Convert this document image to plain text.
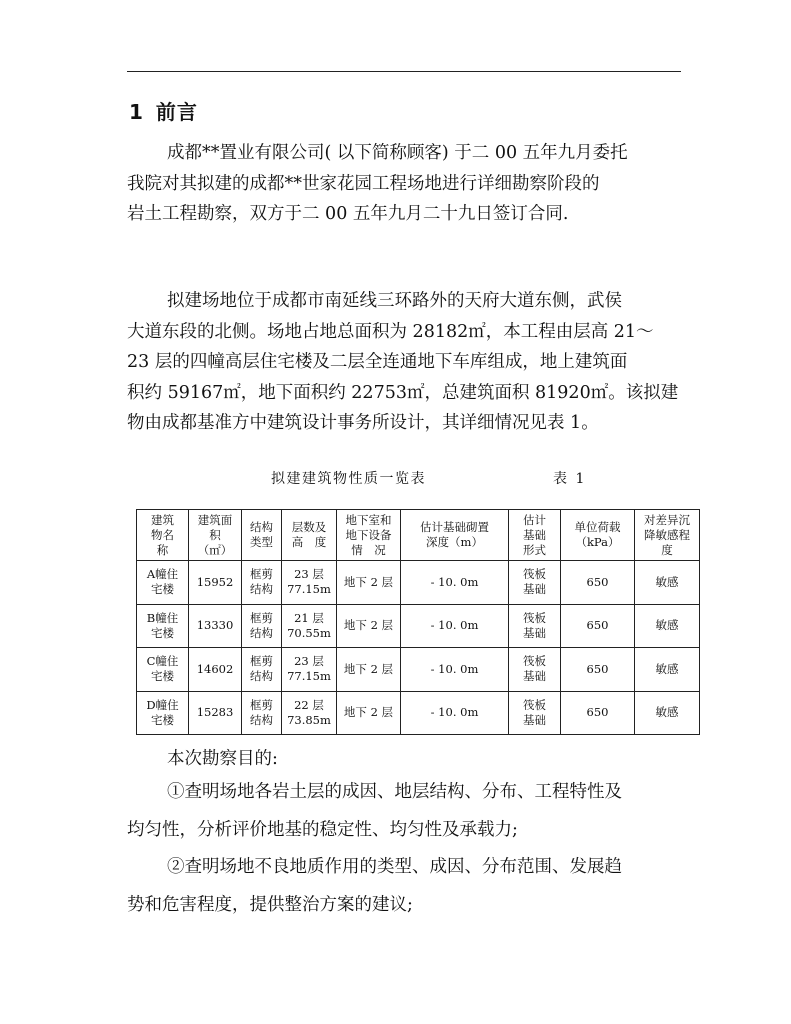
1 前言
成都**置业有限公司( 以下简称顾客) 于二 00 五年九月委托
我院对其拟建的成都**世家花园工程场地进行详细勘察阶段的
岩土工程勘察，双方于二 00 五年九月二十九日签订合同.
拟建场地位于成都市南延线三环路外的天府大道东侧，武侯
大道东段的北侧。场地占地总面积为 28182㎡，本工程由层高 21～
23 层的四幢高层住宅楼及二层全连通地下车库组成，地上建筑面
积约 59167㎡，地下面积约 22753㎡，总建筑面积 81920㎡。该拟建
物由成都基准方中建筑设计事务所设计，其详细情况见表 1。
拟建建筑物性质一览表	表 1
建筑
物名
称	建筑面
积
（㎡）	结构
类型	层数及
高　度	地下室和
地下设备
情　况	估计基础砌置
深度（m）	估计
基础
形式	单位荷载
（kPa）	对差异沉
降敏感程
度
A幢住
宅楼	15952	框剪
结构	23 层
77.15m	地下 2 层	- 10. 0m	筏板
基础	650	敏感
B幢住
宅楼	13330	框剪
结构	21 层
70.55m	地下 2 层	- 10. 0m	筏板
基础	650	敏感
C幢住
宅楼	14602	框剪
结构	23 层
77.15m	地下 2 层	- 10. 0m	筏板
基础	650	敏感
D幢住
宅楼	15283	框剪
结构	22 层
73.85m	地下 2 层	- 10. 0m	筏板
基础	650	敏感
本次勘察目的:
①查明场地各岩土层的成因、地层结构、分布、工程特性及
均匀性，分析评价地基的稳定性、均匀性及承载力;
②查明场地不良地质作用的类型、成因、分布范围、发展趋
势和危害程度，提供整治方案的建议;
